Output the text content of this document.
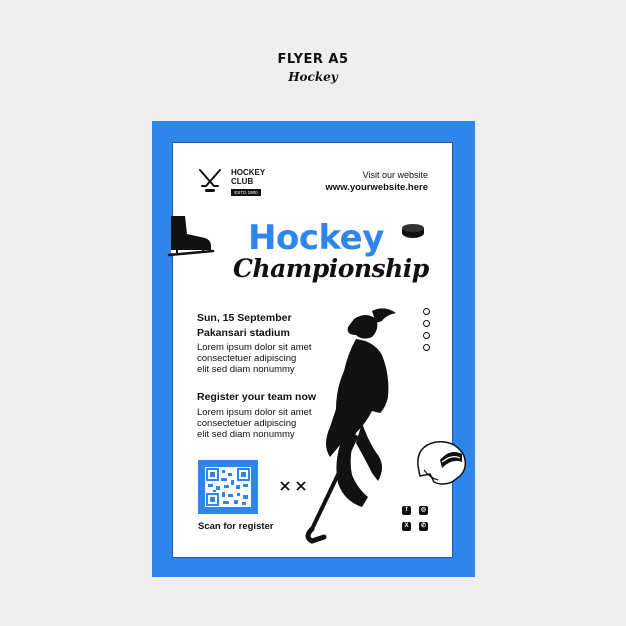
FLYER A5
Hockey
HOCKEY
CLUB
ESTD 1900
Visit our website
www.yourwebsite.here
Hockey
Championship
Sun, 15 September
Pakansari stadium
Lorem ipsum dolor sit amet
consectetuer adipiscing
elit sed diam nonummy
Register your team now
Lorem ipsum dolor sit amet
consectetuer adipiscing
elit sed diam nonummy
Scan for register
f	◎
X	✆
